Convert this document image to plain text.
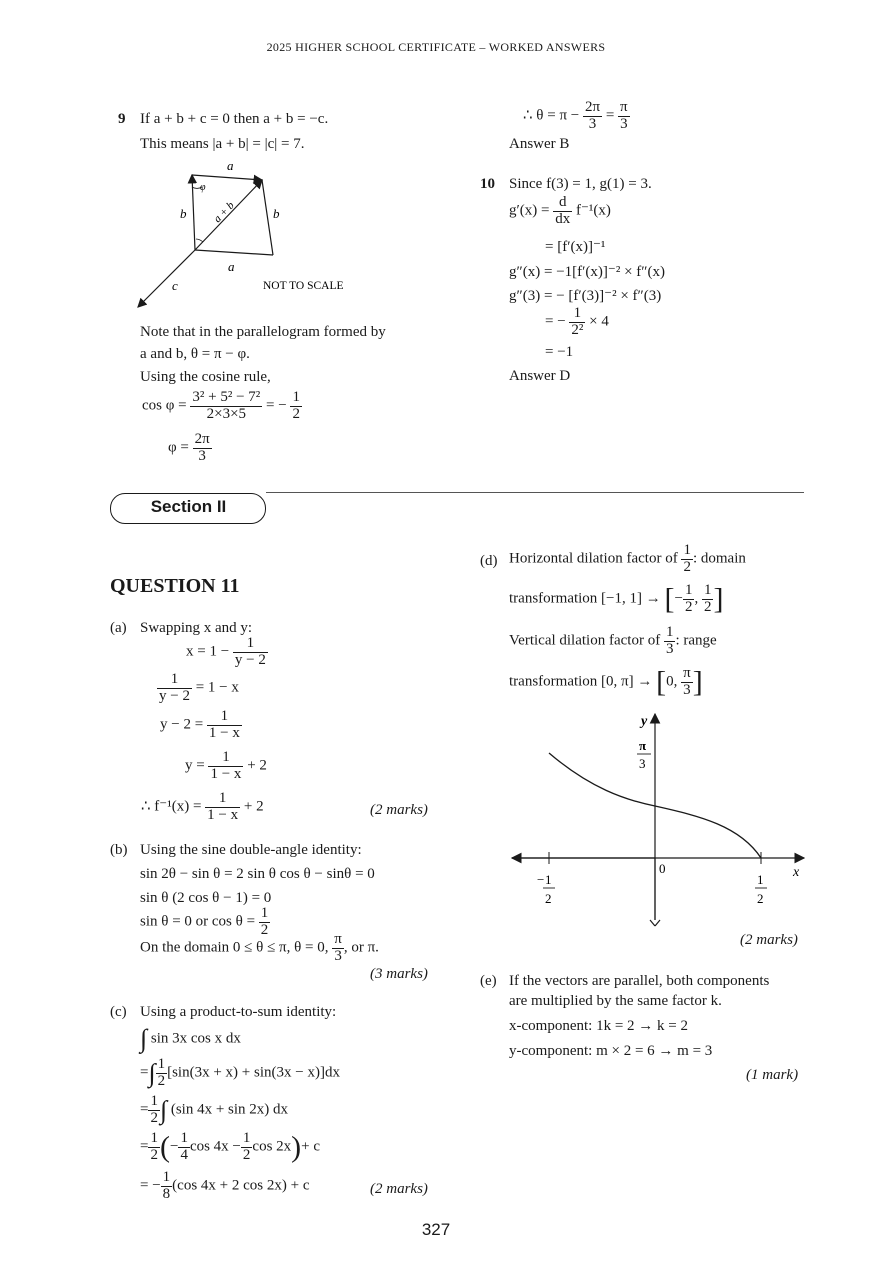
2025 HIGHER SCHOOL CERTIFICATE – WORKED ANSWERS
9 If a + b + c = 0 then a + b = −c.
This means |a + b| = |c| = 7.
a
φ
b	b
a
c
a + b
NOT TO SCALE
Note that in the parallelogram formed by
a and b, θ = π − φ.
Using the cosine rule,
$\cos \varphi = \frac{\text{3² + 5² − 7²}}{2\times 3\times 5}$ = − $\frac{1}{2}$
$\varphi = \frac{2\pi}{3}$
∴ $\theta = \pi - \frac{2\pi}{3} = \frac{\pi}{3}$
Answer B
10 Since f(3) = 1, g(1) = 3.
$g'(x) = \frac{d}{dx} f^{-1}(x)$
= [f′(x)]⁻¹
g″(x) = −1[f′(x)]⁻² × f″(x)
g″(3) = − [f′(3)]⁻² × f″(3)
= − $\frac{1}{\text{2²}} \times 4$
= −1
Answer D
Section II
QUESTION 11
(a) Swapping x and y:
$x = 1 - \frac{1}{y - 2}$
$\frac{1}{y - 2} = 1 - x$
$y - 2 = \frac{1}{1 - x}$
$y = \frac{1}{1 - x} + 2$
∴ $f^{-1}(x) = \frac{1}{1 - x} + 2$	(2 marks)
(b) Using the sine double-angle identity:
sin 2θ − sin θ = 2 sin θ cos θ − sinθ = 0
sin θ (2 cos θ − 1) = 0
sin θ = 0 or $\cos \theta = \frac{1}{2}$
On the domain 0 ≤ θ ≤ π, θ = 0, $\frac{\pi}{3}$ , or π.
(3 marks)
(c) Using a product-to-sum identity:
∫ sin 3x cos x dx
=∫ $\frac{1}{2} [\sin(3x + x) + \sin(3x - x)]dx$
= $\frac{1}{2}$ ∫ (sin 4x + sin 2x) dx
= $\frac{1}{2}$ (− $\frac{1}{4}$ $\cos 4x - \frac{1}{2}$ cos 2x)+ c
= − $\frac{1}{8} (\cos$ 4x + 2 cos 2x) + c	(2 marks)
(d) Horizontal dilation factor of $\frac{1}{2}$ : domain
transformation [−1, 1] → [− $\frac{1}{2}$ , $\frac{1}{2}$ ]
Vertical dilation factor of $\frac{1}{3}$ : range
transformation [0, π] → [0, $\frac{\pi}{3}$ ]
y
x
0
π
3
− 1
2
1
2
(2 marks)
(e) If the vectors are parallel, both components
are multiplied by the same factor k.
x-component: 1k = 2 → k = 2
y-component: m × 2 = 6 → m = 3
(1 mark)
327
